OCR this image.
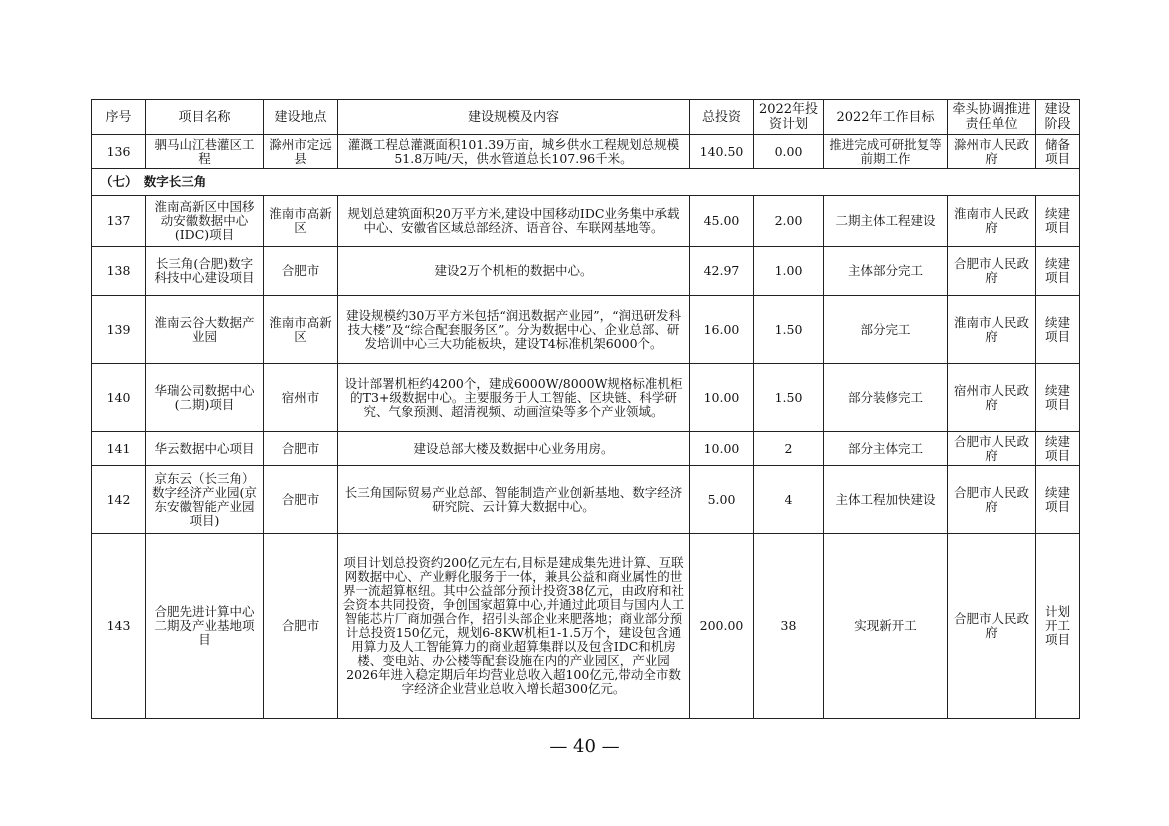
序号	项目名称	建设地点	建设规模及内容	总投资	2022年投资计划	2022年工作目标	牵头协调推进责任单位	建设阶段
136	驷马山江巷灌区工程	滁州市定远县	灌溉工程总灌溉面积101.39万亩，城乡供水工程规划总规模51.8万吨/天，供水管道总长107.96千米。	140.50	0.00	推进完成可研批复等前期工作	滁州市人民政府	储备项目
（七）　数字长三角								
137	淮南高新区中国移动安徽数据中心(IDC)项目	淮南市高新区	规划总建筑面积20万平方米,建设中国移动IDC业务集中承载中心、安徽省区域总部经济、语音谷、车联网基地等。	45.00	2.00	二期主体工程建设	淮南市人民政府	续建项目
138	长三角(合肥)数字科技中心建设项目	合肥市	建设2万个机柜的数据中心。	42.97	1.00	主体部分完工	合肥市人民政府	续建项目
139	淮南云谷大数据产业园	淮南市高新区	建设规模约30万平方米包括“润迅数据产业园”，“润迅研发科技大楼”及“综合配套服务区”。分为数据中心、企业总部、研发培训中心三大功能板块，建设T4标准机架6000个。	16.00	1.50	部分完工	淮南市人民政府	续建项目
140	华瑞公司数据中心(二期)项目	宿州市	设计部署机柜约4200个，建成6000W/8000W规格标准机柜的T3+级数据中心。主要服务于人工智能、区块链、科学研究、气象预测、超清视频、动画渲染等多个产业领域。	10.00	1.50	部分装修完工	宿州市人民政府	续建项目
141	华云数据中心项目	合肥市	建设总部大楼及数据中心业务用房。	10.00	2	部分主体完工	合肥市人民政府	续建项目
142	京东云（长三角）数字经济产业园(京东安徽智能产业园项目)	合肥市	长三角国际贸易产业总部、智能制造产业创新基地、数字经济研究院、云计算大数据中心。	5.00	4	主体工程加快建设	合肥市人民政府	续建项目
143	合肥先进计算中心二期及产业基地项目	合肥市	项目计划总投资约200亿元左右,目标是建成集先进计算、互联网数据中心、产业孵化服务于一体，兼具公益和商业属性的世界一流超算枢纽。其中公益部分预计投资38亿元，由政府和社会资本共同投资，争创国家超算中心,并通过此项目与国内人工智能芯片厂商加强合作，招引头部企业来肥落地；商业部分预计总投资150亿元，规划6-8KW机柜1-1.5万个，建设包含通用算力及人工智能算力的商业超算集群以及包含IDC和机房楼、变电站、办公楼等配套设施在内的产业园区，产业园2026年进入稳定期后年均营业总收入超100亿元,带动全市数字经济企业营业总收入增长超300亿元。	200.00	38	实现新开工	合肥市人民政府	计划开工项目
— 40 —
